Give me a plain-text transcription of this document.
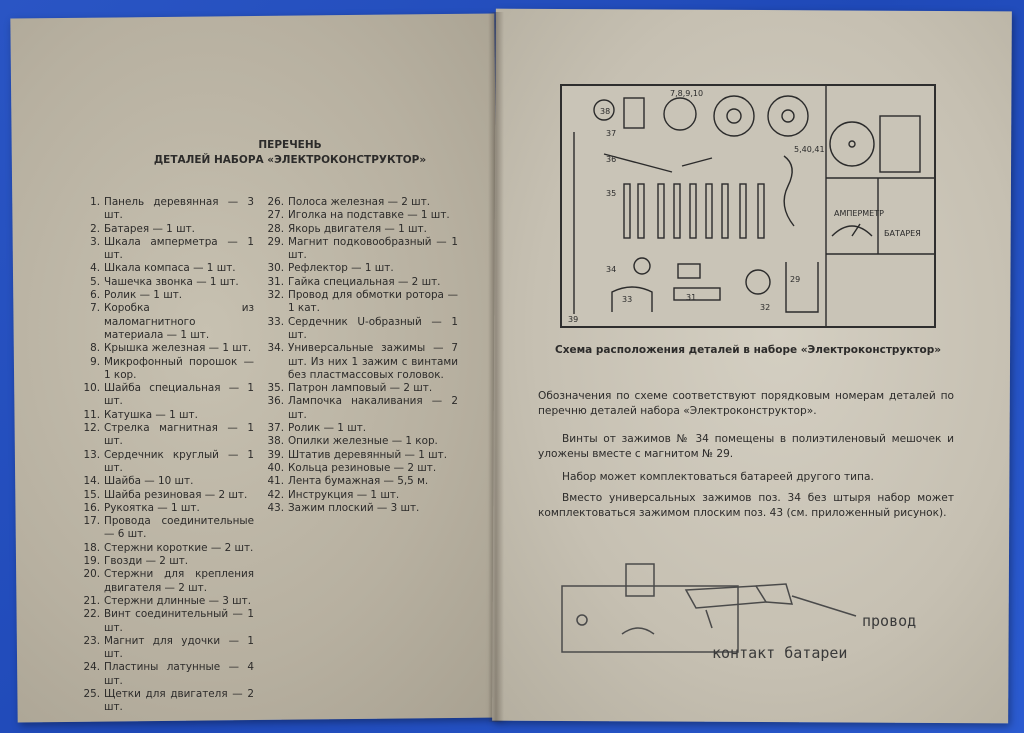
ПЕРЕЧЕНЬ
ДЕТАЛЕЙ НАБОРА «ЭЛЕКТРОКОНСТРУКТОР»
1. Панель деревянная — 3 шт.
2. Батарея — 1 шт.
3. Шкала амперметра — 1 шт.
4. Шкала компаса — 1 шт.
5. Чашечка звонка — 1 шт.
6. Ролик — 1 шт.
7. Коробка из маломагнитного материала — 1 шт.
8. Крышка железная — 1 шт.
9. Микрофонный порошок — 1 кор.
10. Шайба специальная — 1 шт.
11. Катушка — 1 шт.
12. Стрелка магнитная — 1 шт.
13. Сердечник круглый — 1 шт.
14. Шайба — 10 шт.
15. Шайба резиновая — 2 шт.
16. Рукоятка — 1 шт.
17. Провода соединительные — 6 шт.
18. Стержни короткие — 2 шт.
19. Гвозди — 2 шт.
20. Стержни для крепления двигателя — 2 шт.
21. Стержни длинные — 3 шт.
22. Винт соединительный — 1 шт.
23. Магнит для удочки — 1 шт.
24. Пластины латунные — 4 шт.
25. Щетки для двигателя — 2 шт.
26. Полоса железная — 2 шт.
27. Иголка на подставке — 1 шт.
28. Якорь двигателя — 1 шт.
29. Магнит подковообразный — 1 шт.
30. Рефлектор — 1 шт.
31. Гайка специальная — 2 шт.
32. Провод для обмотки ротора — 1 кат.
33. Сердечник U-образный — 1 шт.
34. Универсальные зажимы — 7 шт. Из них 1 зажим с винтами без пластмассовых головок.
35. Патрон ламповый — 2 шт.
36. Лампочка накаливания — 2 шт.
37. Ролик — 1 шт.
38. Опилки железные — 1 кор.
39. Штатив деревянный — 1 шт.
40. Кольца резиновые — 2 шт.
41. Лента бумажная — 5,5 м.
42. Инструкция — 1 шт.
43. Зажим плоский — 3 шт.
7,8,9,10
5,40,41
АМПЕРМЕТР
БАТАРЕЯ
39
38
37
36
35
34
33
29
32
31
Схема расположения деталей в наборе «Электроконструктор»
Обозначения по схеме соответствуют порядковым номерам деталей по перечню деталей набора «Электроконструктор».
Винты от зажимов № 34 помещены в полиэтиленовый мешочек и уложены вместе с магнитом № 29.
Набор может комплектоваться батареей другого типа.
Вместо универсальных зажимов поз. 34 без штыря набор может комплектоваться зажимом плоским поз. 43 (см. приложенный рисунок).
провод
контакт батареи
